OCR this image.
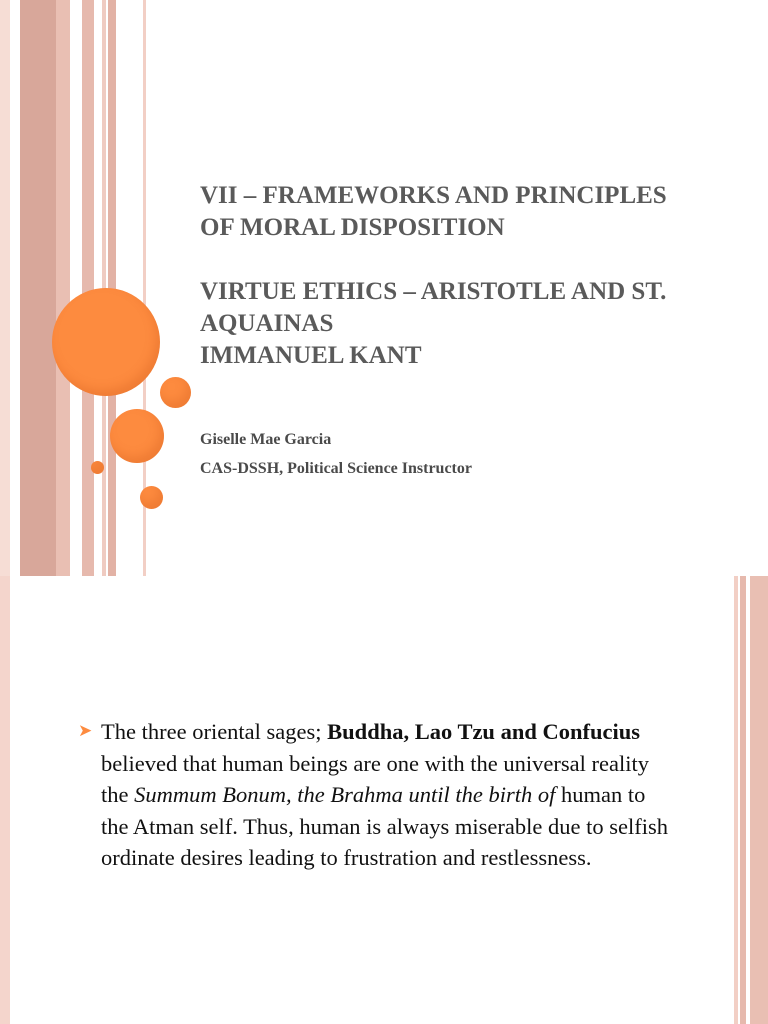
VII – FRAMEWORKS AND PRINCIPLES
OF MORAL DISPOSITION
VIRTUE ETHICS – ARISTOTLE AND ST.
AQUAINAS
IMMANUEL KANT
Giselle Mae Garcia
CAS-DSSH, Political Science Instructor
➤ The three oriental sages; Buddha, Lao Tzu and Confucius believed that human beings are one with the universal reality the Summum Bonum, the Brahma until the birth of human to the Atman self. Thus, human is always miserable due to selfish ordinate desires leading to frustration and restlessness.
